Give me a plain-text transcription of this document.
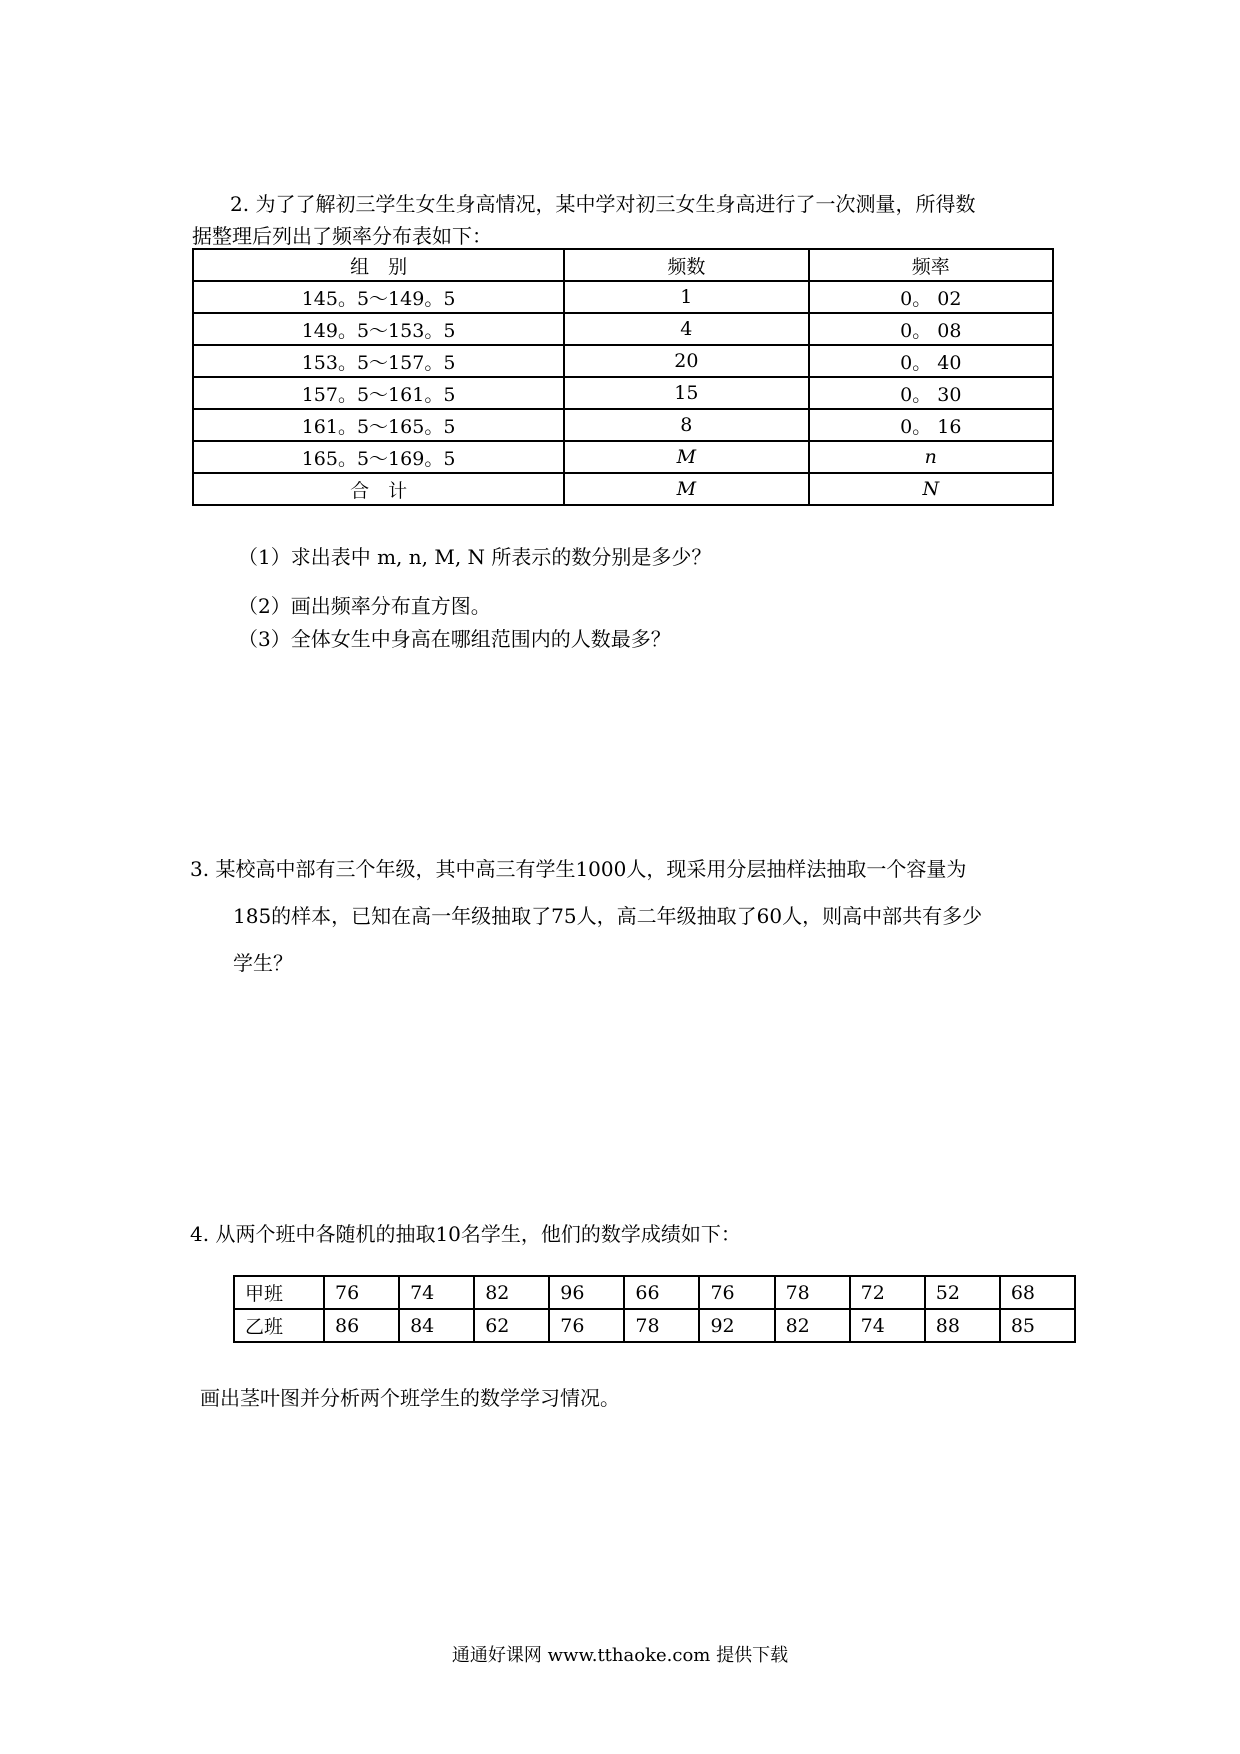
2. 为了了解初三学生女生身高情况，某中学对初三女生身高进行了一次测量，所得数
据整理后列出了频率分布表如下：
组　别	频数	频率
145。5～149。5	1	0。 02
149。5～153。5	4	0。 08
153。5～157。5	20	0。 40
157。5～161。5	15	0。 30
161。5～165。5	8	0。 16
165。5～169。5	M	n
合　计	M	N
（1）求出表中 m, n, M, N 所表示的数分别是多少？
（2）画出频率分布直方图。
（3）全体女生中身高在哪组范围内的人数最多？
3. 某校高中部有三个年级，其中高三有学生1000人，现采用分层抽样法抽取一个容量为
185的样本，已知在高一年级抽取了75人，高二年级抽取了60人，则高中部共有多少
学生？
4. 从两个班中各随机的抽取10名学生，他们的数学成绩如下：
甲班	76	74	82	96	66	76	78	72	52	68
乙班	86	84	62	76	78	92	82	74	88	85
画出茎叶图并分析两个班学生的数学学习情况。
通通好课网 www.tthaoke.com 提供下载
